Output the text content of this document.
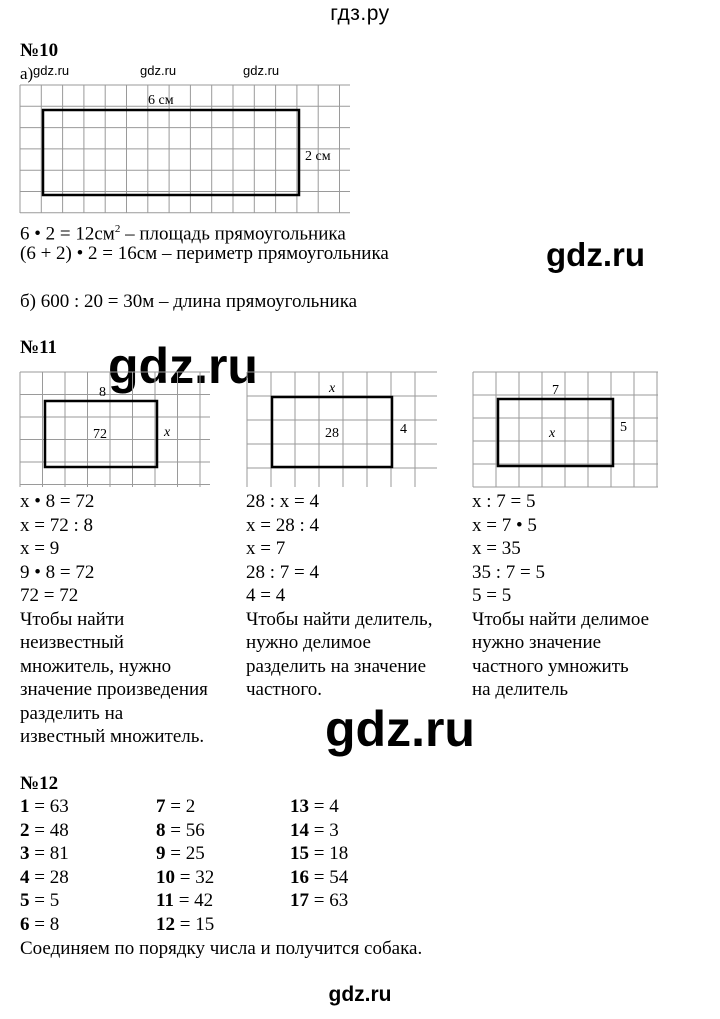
гдз.ру
№10
а) gdz.ru	gdz.ru	gdz.ru
6 см
2 см
6 • $2 = 12см^2$ – площадь прямоугольника
(6 + 2) • 2 = 16см – периметр прямоугольника	gdz.ru
б) 600 : 20 = 30м – длина прямоугольника
№11 gdz.ru
8
x
72
x
4
28
7
5
x
x • 8 = 72
x = 72 : 8
x = 9
9 • 8 = 72
72 = 72
Чтобы найти
неизвестный
множитель, нужно
значение произведения
разделить на
известный множитель.
28 : x = 4
x = 28 : 4
x = 7
28 : 7 = 4
4 = 4
Чтобы найти делитель,
нужно делимое
разделить на значение
частного.
x : 7 = 5
x = 7 • 5
x = 35
35 : 7 = 5
5 = 5
Чтобы найти делимое
нужно значение
частного умножить
на делитель
gdz.ru
№12
1 = 63
2 = 48
3 = 81
4 = 28
5 = 5
6 = 8
7 = 2
8 = 56
9 = 25
10 = 32
11 = 42
12 = 15
13 = 4
14 = 3
15 = 18
16 = 54
17 = 63
Соединяем по порядку числа и получится собака.
gdz.ru
